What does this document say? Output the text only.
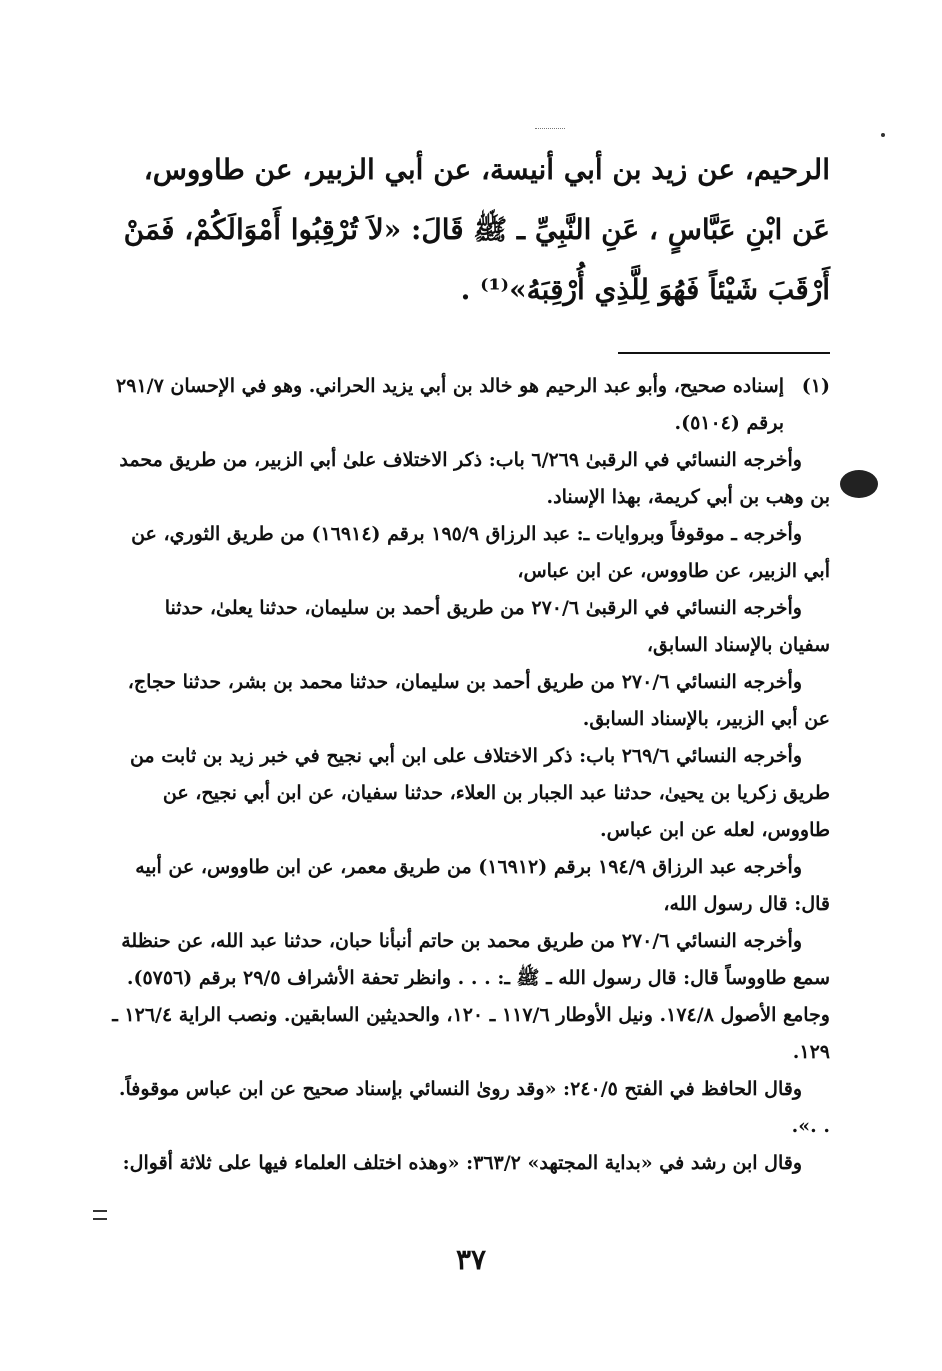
الرحيم، عن زيد بن أبي أنيسة، عن أبي الزبير، عن طاووس،
عَن ابْنِ عَبَّاسٍ ، عَنِ النَّبِيِّ ـ ﷺ قَالَ: «لاَ تُرْقِبُوا أَمْوَالَكُمْ، فَمَنْ
أَرْقَبَ شَيْئاً فَهُوَ لِلَّذِي أُرْقِبَهُ»⁽¹⁾ .
(١)

إسناده صحيح، وأبو عبد الرحيم هو خالد بن أبي يزيد الحراني. وهو في الإحسان ٢٩١/٧ برقم (٥١٠٤).

وأخرجه النسائي في الرقبىٰ ٦/٢٦٩ باب: ذكر الاختلاف علىٰ أبي الزبير، من طريق محمد بن وهب بن أبي كريمة، بهذا الإسناد.

وأخرجه ـ موقوفاً وبروايات ـ: عبد الرزاق ١٩٥/٩ برقم (١٦٩١٤) من طريق الثوري، عن أبي الزبير، عن طاووس، عن ابن عباس،

وأخرجه النسائي في الرقبىٰ ٢٧٠/٦ من طريق أحمد بن سليمان، حدثنا يعلىٰ، حدثنا سفيان بالإسناد السابق،

وأخرجه النسائي ٢٧٠/٦ من طريق أحمد بن سليمان، حدثنا محمد بن بشر، حدثنا حجاج، عن أبي الزبير، بالإسناد السابق.

وأخرجه النسائي ٢٦٩/٦ باب: ذكر الاختلاف على ابن أبي نجيح في خبر زيد بن ثابت من طريق زكريا بن يحيىٰ، حدثنا عبد الجبار بن العلاء، حدثنا سفيان، عن ابن أبي نجيح، عن طاووس، لعله عن ابن عباس.

وأخرجه عبد الرزاق ١٩٤/٩ برقم (١٦٩١٢) من طريق معمر، عن ابن طاووس، عن أبيه قال: قال رسول الله،

وأخرجه النسائي ٢٧٠/٦ من طريق محمد بن حاتم أنبأنا حبان، حدثنا عبد الله، عن حنظلة سمع طاووساً قال: قال رسول الله ـ ﷺ ـ: . . . وانظر تحفة الأشراف ٢٩/٥ برقم (٥٧٥٦). وجامع الأصول ١٧٤/٨. ونيل الأوطار ١١٧/٦ ـ ١٢٠، والحديثين السابقين. ونصب الراية ١٢٦/٤ ـ ١٢٩.

وقال الحافظ في الفتح ٢٤٠/٥: «وقد رویٰ النسائي بإسناد صحيح عن ابن عباس موقوفاً. . .».

وقال ابن رشد في «بداية المجتهد» ٣٦٣/٢: «وهذه اختلف العلماء فيها على ثلاثة أقوال:

٣٧
